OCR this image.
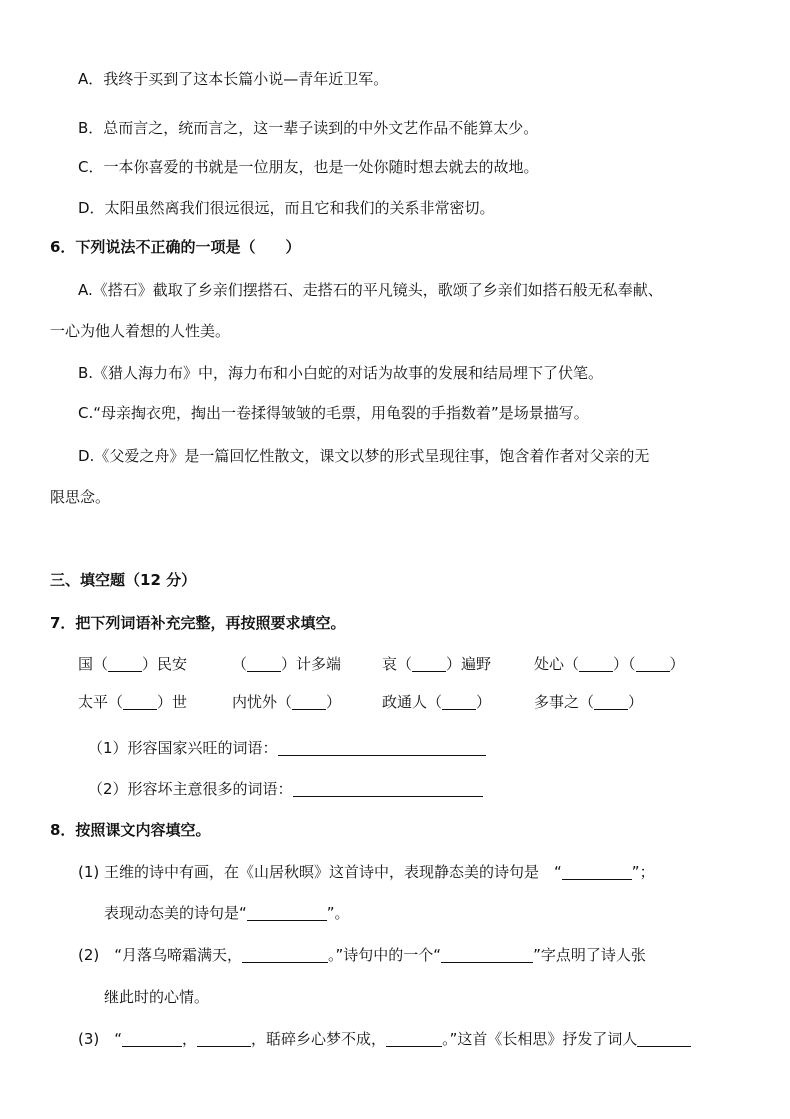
A．我终于买到了这本长篇小说—青年近卫军。
B．总而言之，统而言之，这一辈子读到的中外文艺作品不能算太少。
C．一本你喜爱的书就是一位朋友，也是一处你随时想去就去的故地。
D．太阳虽然离我们很远很远，而且它和我们的关系非常密切。
6．下列说法不正确的一项是（　　）
A.《搭石》截取了乡亲们摆搭石、走搭石的平凡镜头，歌颂了乡亲们如搭石般无私奉献、
一心为他人着想的人性美。
B.《猎人海力布》中，海力布和小白蛇的对话为故事的发展和结局埋下了伏笔。
C.“母亲掏衣兜，掏出一卷揉得皱皱的毛票，用龟裂的手指数着”是场景描写。
D.《父爱之舟》是一篇回忆性散文，课文以梦的形式呈现往事，饱含着作者对父亲的无
限思念。
三、填空题（12 分）
7．把下列词语补充完整，再按照要求填空。
国（ ）民安	（ ）计多端	哀（ ）遍野	处心（ ）（ ）
太平（ ）世	内忧外（ ）	政通人（ ）	多事之（ ）
（1）形容国家兴旺的词语：
（2）形容坏主意很多的词语：
8．按照课文内容填空。
(1) 王维的诗中有画，在《山居秋暝》这首诗中，表现静态美的诗句是　“	”；
表现动态美的诗句是“	”。
(2)　“月落乌啼霜满天，	。”诗句中的一个“	”字点明了诗人张
继此时的心情。
(3)　“	，	，聒碎乡心梦不成，	。”这首《长相思》抒发了词人
